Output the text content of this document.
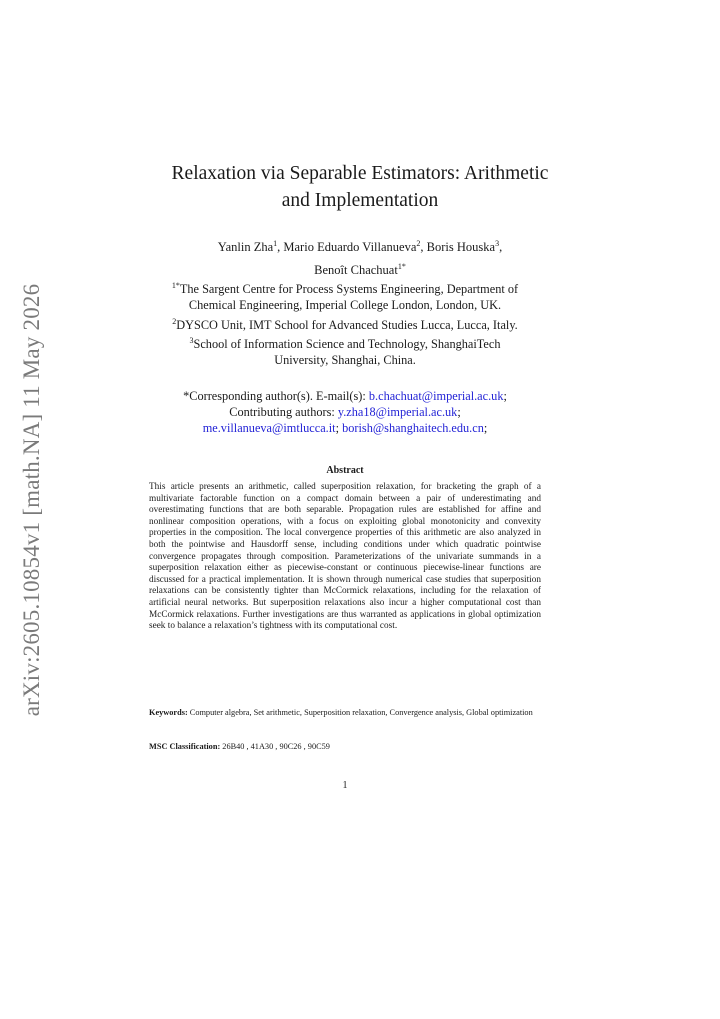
arXiv:2605.10854v1 [math.NA] 11 May 2026
Relaxation via Separable Estimators: Arithmetic
and Implementation
Yanlin Zha$^1$, Mario Eduardo Villanueva$^2$, Boris Houska$^3$,
Benoît Chachuat$^{1*}$
$^{1*}$The Sargent Centre for Process Systems Engineering, Department of
Chemical Engineering, Imperial College London, London, UK.
$^2$DYSCO Unit, IMT School for Advanced Studies Lucca, Lucca, Italy.
$^3$School of Information Science and Technology, ShanghaiTech
University, Shanghai, China.
*Corresponding author(s). E-mail(s): b.chachuat@imperial.ac.uk;
Contributing authors: y.zha18@imperial.ac.uk;
me.villanueva@imtlucca.it; borish@shanghaitech.edu.cn;
Abstract
This article presents an arithmetic, called superposition relaxation, for bracketing the graph of a multivariate factorable function on a compact domain between a pair of underestimating and overestimating functions that are both separable. Propagation rules are established for affine and nonlinear composition operations, with a focus on exploiting global monotonicity and convexity properties in the composition. The local convergence properties of this arithmetic are also analyzed in both the pointwise and Hausdorff sense, including conditions under which quadratic pointwise convergence propagates through composition. Parameterizations of the univariate summands in a superposition relaxation either as piecewise-constant or continuous piecewise-linear functions are discussed for a practical implementation. It is shown through numerical case studies that superposition relaxations can be consistently tighter than McCormick relaxations, including for the relaxation of artificial neural networks. But superposition relaxations also incur a higher computational cost than McCormick relaxations. Further investigations are thus warranted as applications in global optimization seek to balance a relaxation’s tightness with its computational cost.
Keywords: Computer algebra, Set arithmetic, Superposition relaxation, Convergence analysis, Global optimization
MSC Classification: 26B40 , 41A30 , 90C26 , 90C59
1
